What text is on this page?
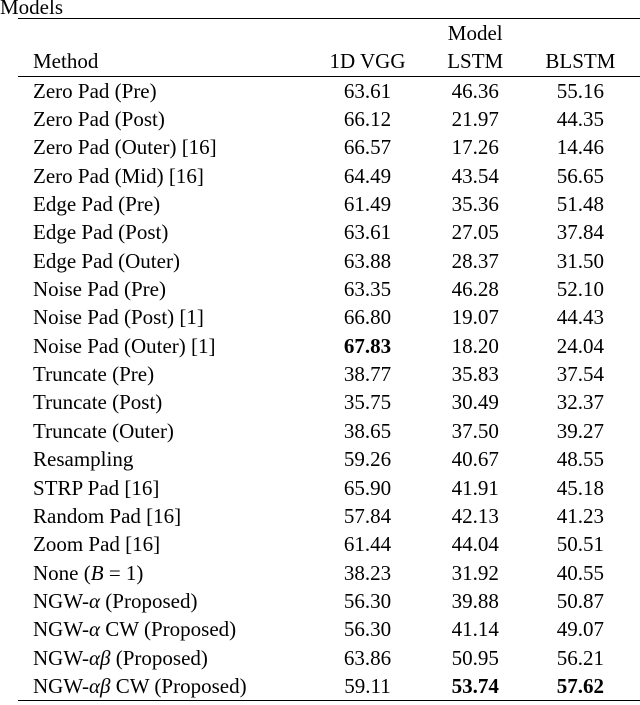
Models
		Model	
Method	1D VGG	LSTM	BLSTM
Zero Pad (Pre)	63.61	46.36	55.16
Zero Pad (Post)	66.12	21.97	44.35
Zero Pad (Outer) [16]	66.57	17.26	14.46
Zero Pad (Mid) [16]	64.49	43.54	56.65
Edge Pad (Pre)	61.49	35.36	51.48
Edge Pad (Post)	63.61	27.05	37.84
Edge Pad (Outer)	63.88	28.37	31.50
Noise Pad (Pre)	63.35	46.28	52.10
Noise Pad (Post) [1]	66.80	19.07	44.43
Noise Pad (Outer) [1]	67.83	18.20	24.04
Truncate (Pre)	38.77	35.83	37.54
Truncate (Post)	35.75	30.49	32.37
Truncate (Outer)	38.65	37.50	39.27
Resampling	59.26	40.67	48.55
STRP Pad [16]	65.90	41.91	45.18
Random Pad [16]	57.84	42.13	41.23
Zoom Pad [16]	61.44	44.04	50.51
None (B = 1)	38.23	31.92	40.55
NGW-α (Proposed)	56.30	39.88	50.87
NGW-α CW (Proposed)	56.30	41.14	49.07
NGW-αβ (Proposed)	63.86	50.95	56.21
NGW-αβ CW (Proposed)	59.11	53.74	57.62
